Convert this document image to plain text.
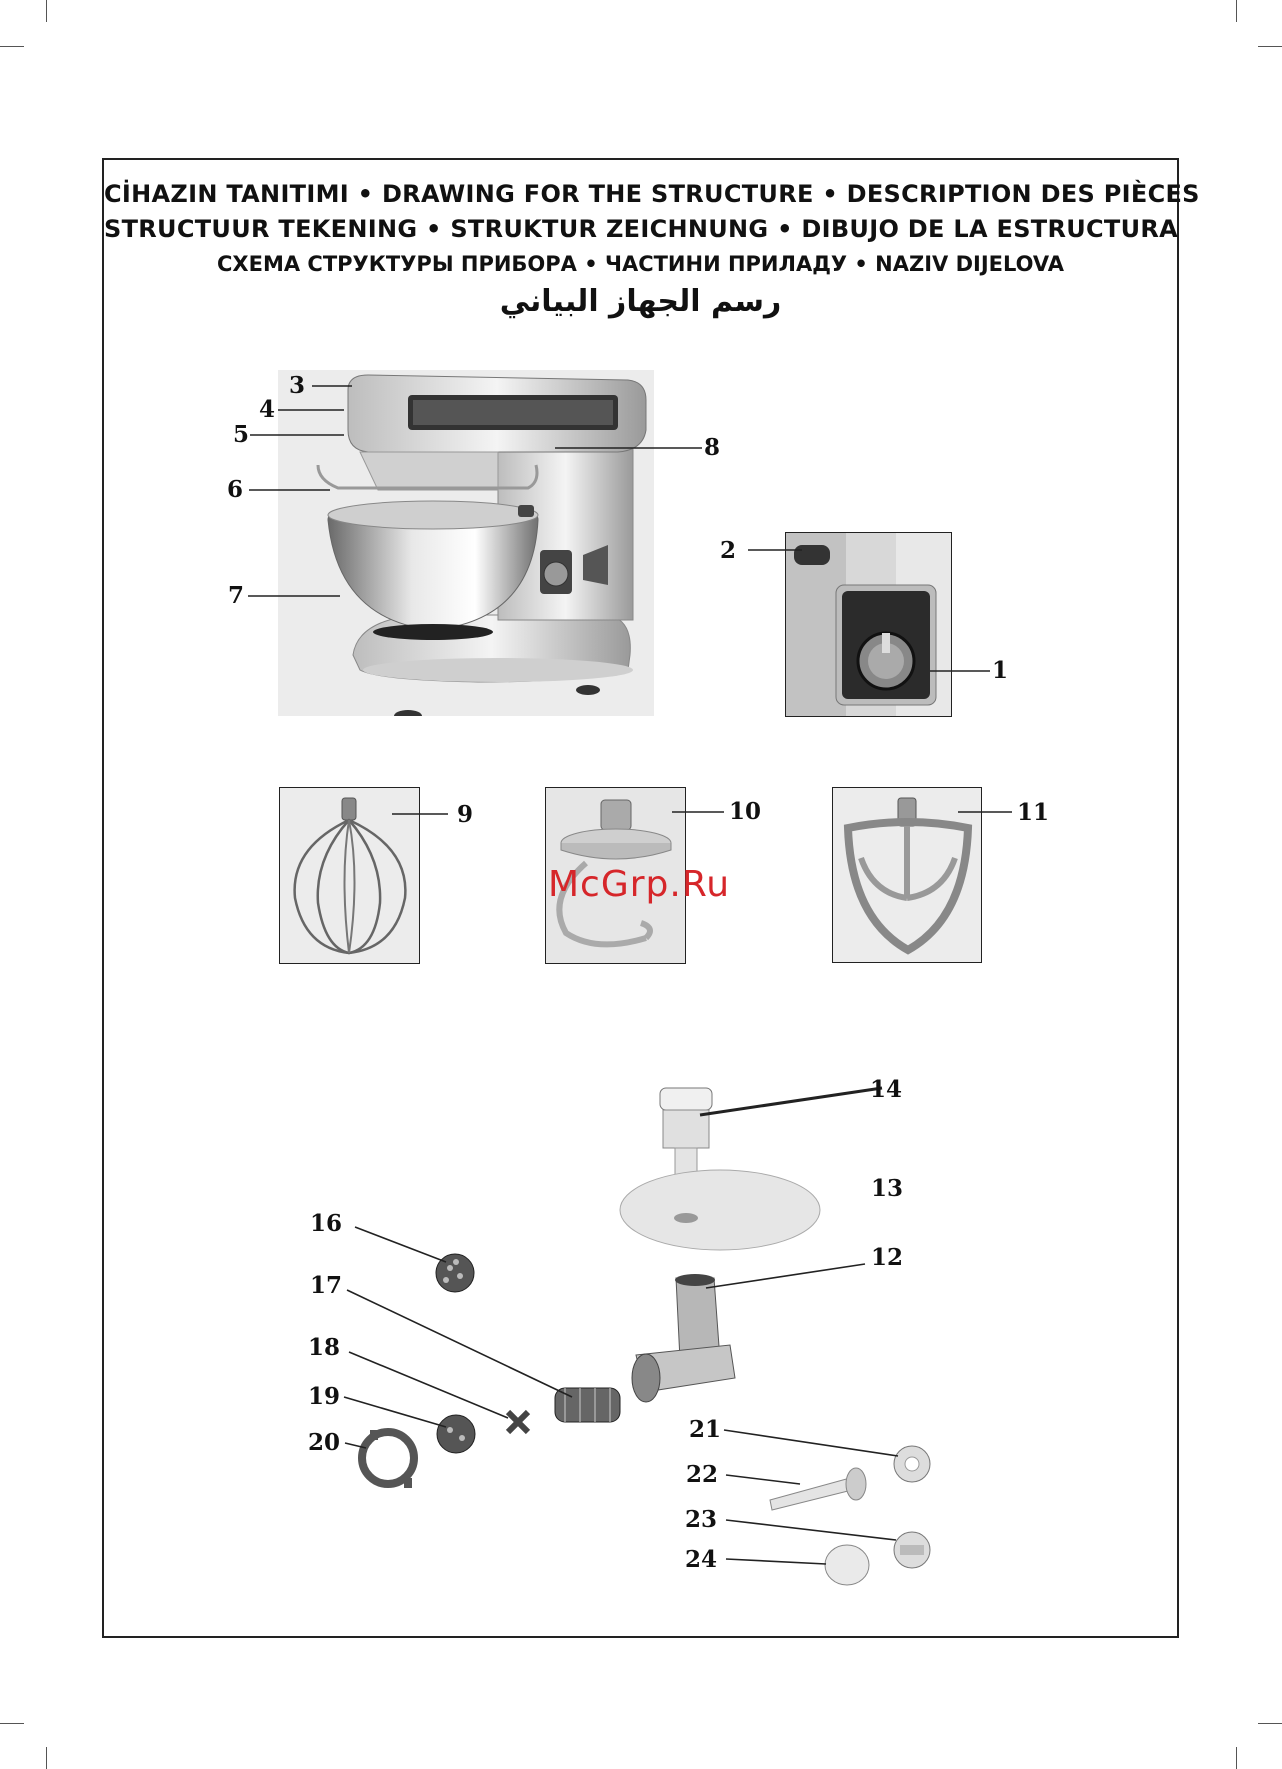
CİHAZIN TANITIMI • DRAWING FOR THE STRUCTURE • DESCRIPTION DES PIÈCES
STRUCTUUR TEKENING • STRUKTUR ZEICHNUNG • DIBUJO DE LA ESTRUCTURA
СХЕМА СТРУКТУРЫ ПРИБОРА • ЧАСТИНИ ПРИЛАДУ • NAZIV DIJELOVA
رسم الجهاز البياني
3
4
5
6
7
8
2
1
9	10	11
14
13
12
16
17
18
19
20	21
22
23
24
McGrp.Ru
